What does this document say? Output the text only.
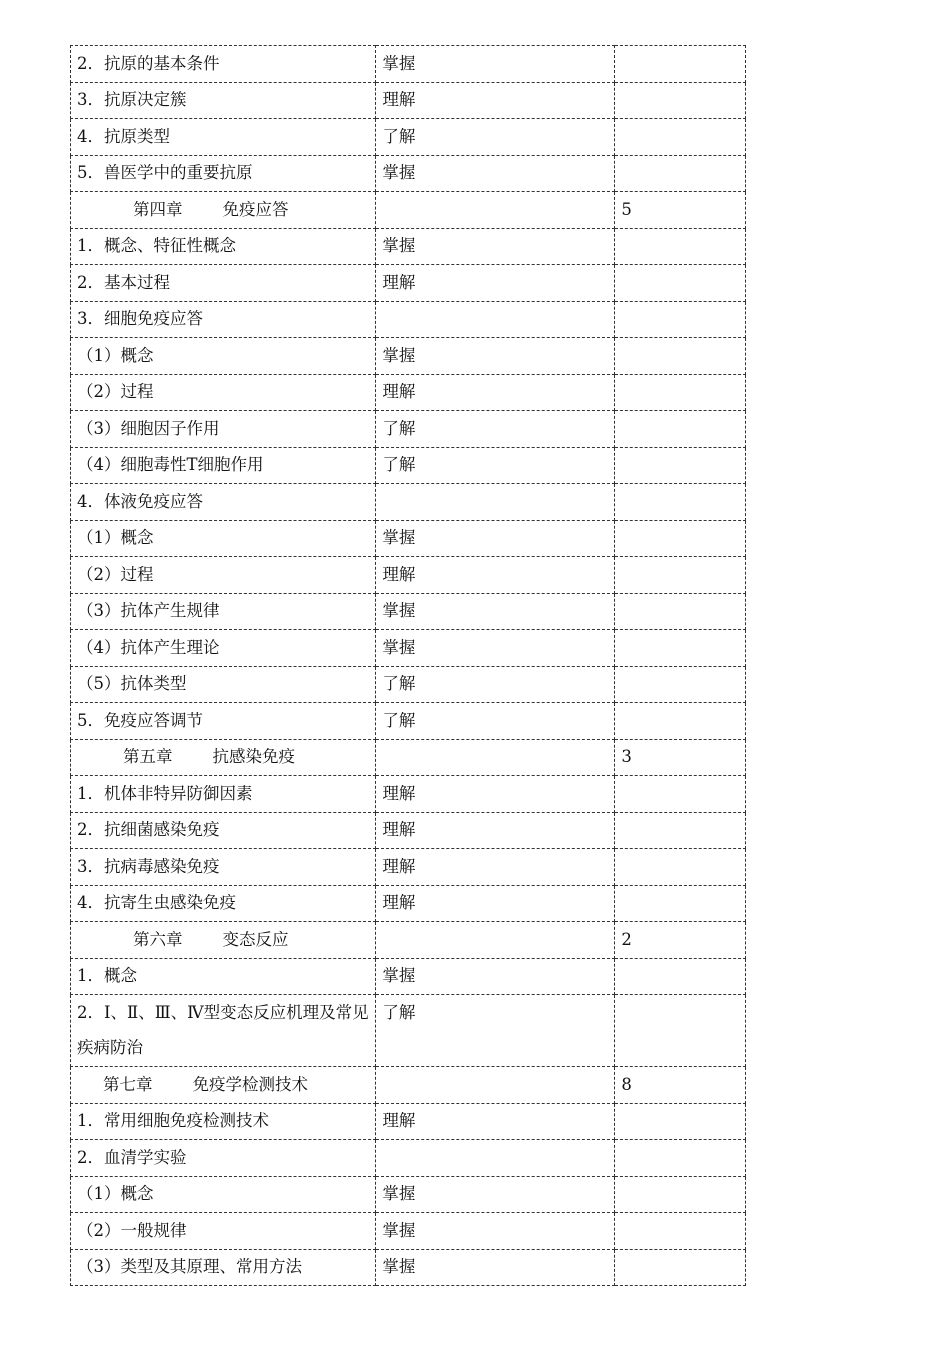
2．抗原的基本条件	掌握	
3．抗原决定簇	理解	
4．抗原类型	了解	
5．兽医学中的重要抗原	掌握	
第四章 免疫应答		5
1．概念、特征性概念	掌握	
2．基本过程	理解	
3．细胞免疫应答		
（1）概念	掌握	
（2）过程	理解	
（3）细胞因子作用	了解	
（4）细胞毒性T细胞作用	了解	
4．体液免疫应答		
（1）概念	掌握	
（2）过程	理解	
（3）抗体产生规律	掌握	
（4）抗体产生理论	掌握	
（5）抗体类型	了解	
5．免疫应答调节	了解	
第五章 抗感染免疫		3
1．机体非特异防御因素	理解	
2．抗细菌感染免疫	理解	
3．抗病毒感染免疫	理解	
4．抗寄生虫感染免疫	理解	
第六章 变态反应		2
1．概念	掌握	
2．Ⅰ、Ⅱ、Ⅲ、Ⅳ型变态反应机理及常见疾病防治	了解	
第七章 免疫学检测技术		8
1．常用细胞免疫检测技术	理解	
2．血清学实验		
（1）概念	掌握	
（2）一般规律	掌握	
（3）类型及其原理、常用方法	掌握	
